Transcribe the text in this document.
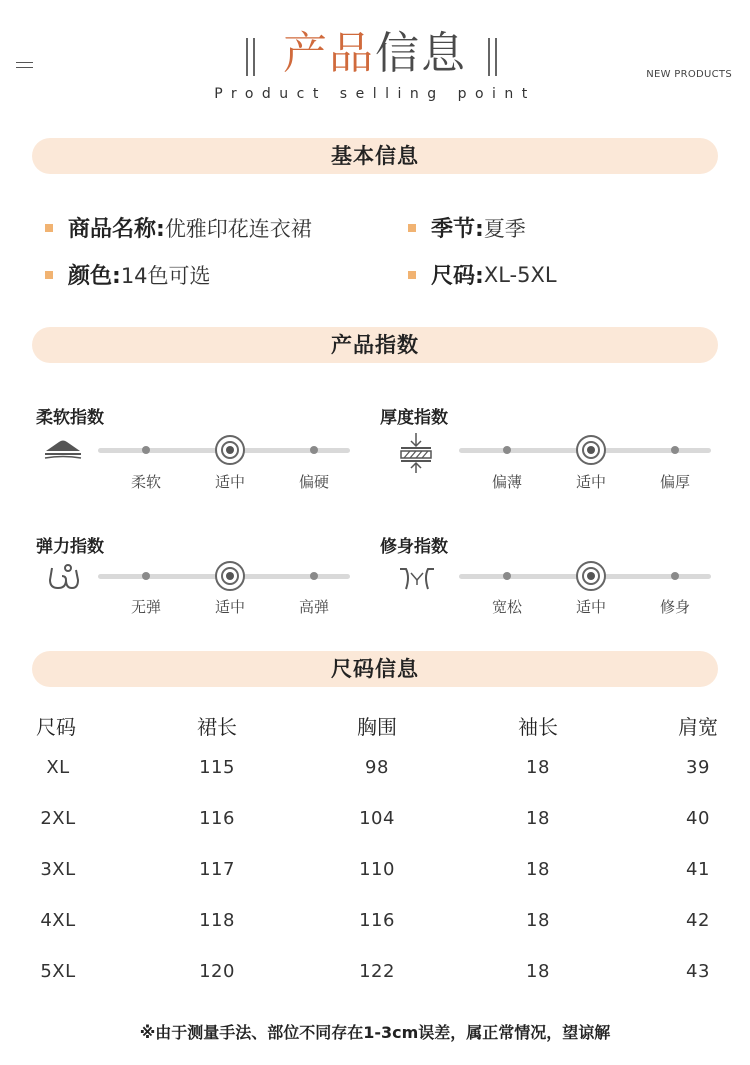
产品信息
Product selling point
NEW PRODUCTS
基本信息
商品名称: 优雅印花连衣裙	季节: 夏季
颜色: 14色可选	尺码: XL-5XL
产品指数
柔软指数
柔软	适中	偏硬
厚度指数
偏薄	适中	偏厚
弹力指数
无弹	适中	高弹
修身指数
宽松	适中	修身
尺码信息
尺码	裙长	胸围	袖长	肩宽
XL	115	98	18	39
2XL	116	104	18	40
3XL	117	110	18	41
4XL	118	116	18	42
5XL	120	122	18	43
※由于测量手法、部位不同存在1-3cm误差，属正常情况，望谅解
